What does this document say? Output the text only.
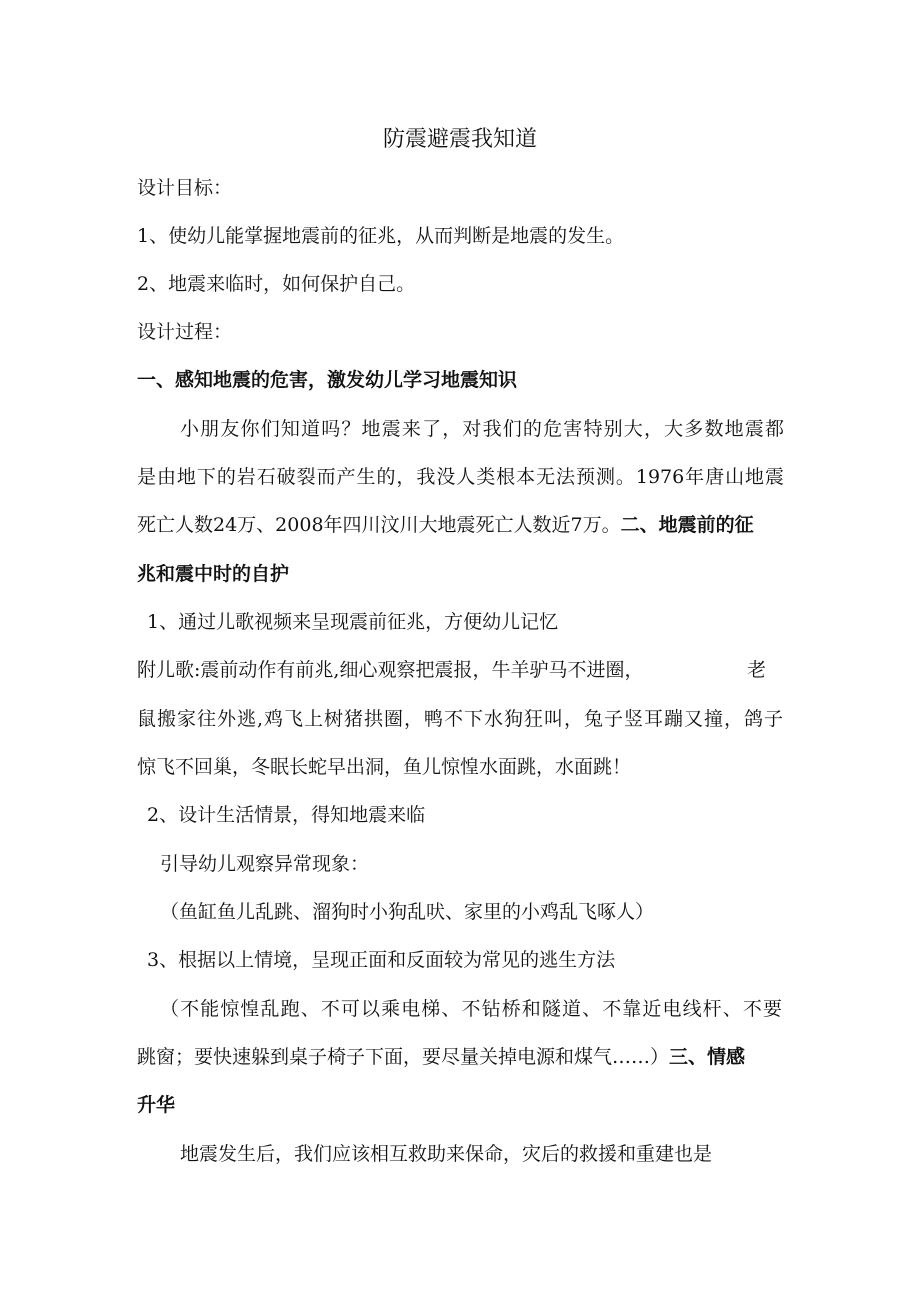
防震避震我知道
设计目标：
1、使幼儿能掌握地震前的征兆，从而判断是地震的发生。
2、地震来临时，如何保护自己。
设计过程：
一、感知地震的危害，激发幼儿学习地震知识
小朋友你们知道吗？地震来了，对我们的危害特别大，大多数地震都
是由地下的岩石破裂而产生的，我没人类根本无法预测。1976年唐山地震
死亡人数24万、2008年四川汶川大地震死亡人数近7万。二、地震前的征
兆和震中时的自护
1、通过儿歌视频来呈现震前征兆，方便幼儿记忆
附儿歌:震前动作有前兆,细心观察把震报，牛羊驴马不进圈，	老
鼠搬家往外逃,鸡飞上树猪拱圈，鸭不下水狗狂叫，兔子竖耳蹦又撞，鸽子
惊飞不回巢，冬眠长蛇早出洞，鱼儿惊惶水面跳，水面跳！
2、设计生活情景，得知地震来临
引导幼儿观察异常现象：
（鱼缸鱼儿乱跳、溜狗时小狗乱吠、家里的小鸡乱飞啄人）
3、根据以上情境，呈现正面和反面较为常见的逃生方法
（不能惊惶乱跑、不可以乘电梯、不钻桥和隧道、不靠近电线杆、不要
跳窗；要快速躲到桌子椅子下面，要尽量关掉电源和煤气……）三、情感
升华
地震发生后，我们应该相互救助来保命，灾后的救援和重建也是
